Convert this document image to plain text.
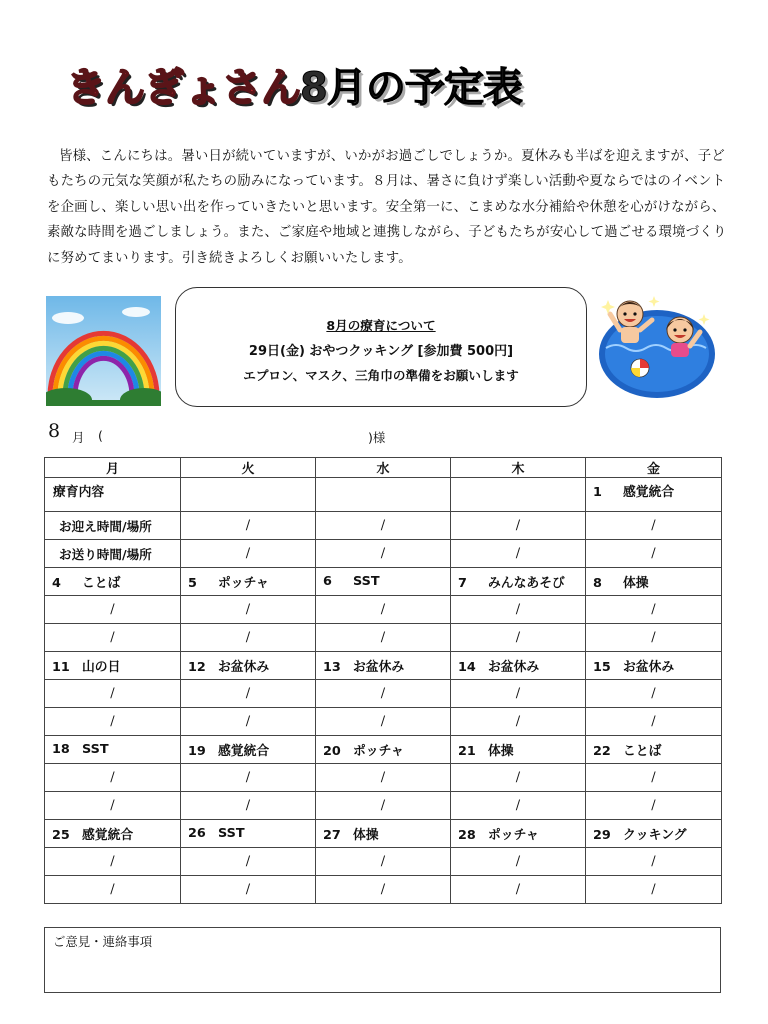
きんぎょさん8月の予定表

皆様、こんにちは。暑い日が続いていますが、いかがお過ごしでしょうか。夏休みも半ばを迎えますが、子どもたちの元気な笑顔が私たちの励みになっています。８月は、暑さに負けず楽しい活動や夏ならではのイベントを企画し、楽しい思い出を作っていきたいと思います。安全第一に、こまめな水分補給や休憩を心がけながら、素敵な時間を過ごしましょう。また、ご家庭や地域と連携しながら、子どもたちが安心して過ごせる環境づくりに努めてまいります。引き続きよろしくお願いいたします。

8月の療育について
29日(金) おやつクッキング [参加費 500円]
エプロン、マスク、三角巾の準備をお願いします
8 月 (	)様
月	火	水	木	金
療育内容				1 感覚統合
お迎え時間/場所	/	/	/	/
お送り時間/場所	/	/	/	/
4 ことば	5 ポッチャ	6 SST	7 みんなあそび	8 体操
/	/	/	/	/
/	/	/	/	/
11 山の日	12 お盆休み	13 お盆休み	14 お盆休み	15 お盆休み
/	/	/	/	/
/	/	/	/	/
18 SST	19 感覚統合	20 ポッチャ	21 体操	22 ことば
/	/	/	/	/
/	/	/	/	/
25 感覚統合	26 SST	27 体操	28 ポッチャ	29 クッキング
/	/	/	/	/
/	/	/	/	/
ご意見・連絡事項
